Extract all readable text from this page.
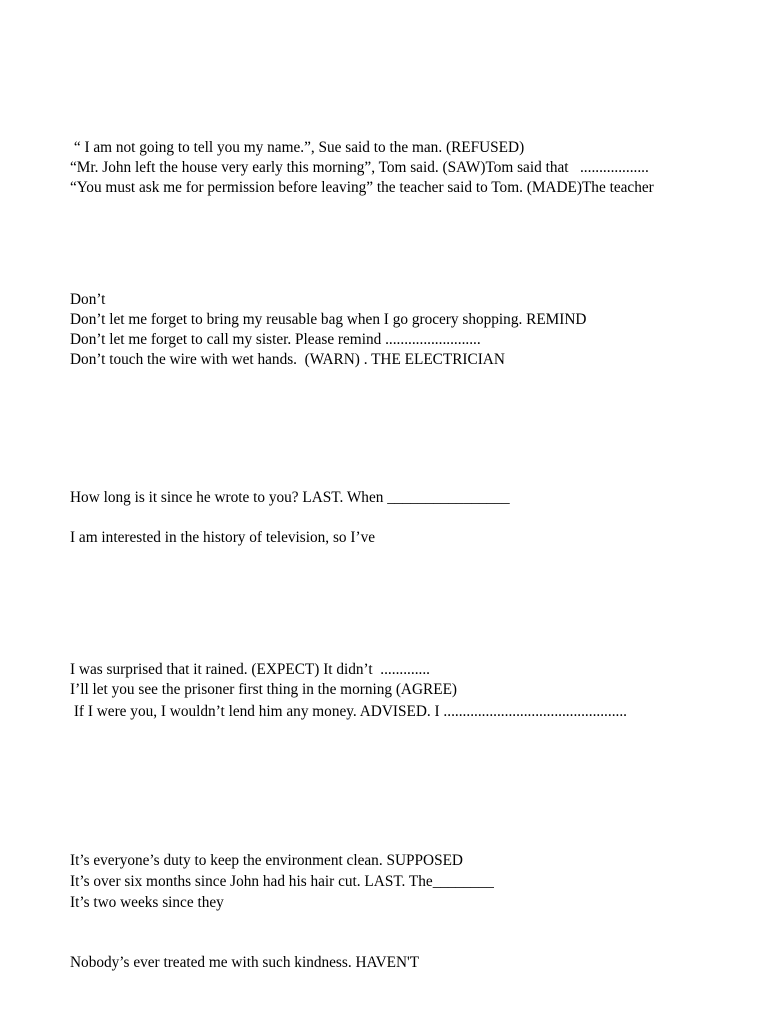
“ I am not going to tell you my name.”, Sue said to the man. (REFUSED)
“Mr. John left the house very early this morning”, Tom said. (SAW)Tom said that   ..................
“You must ask me for permission before leaving” the teacher said to Tom. (MADE)The teacher
Don’t
Don’t let me forget to bring my reusable bag when I go grocery shopping. REMIND
Don’t let me forget to call my sister. Please remind .........................
Don’t touch the wire with wet hands.  (WARN) . THE ELECTRICIAN
How long is it since he wrote to you? LAST. When ________________
I am interested in the history of television, so I’ve
I was surprised that it rained. (EXPECT) It didn’t  .............
I’ll let you see the prisoner first thing in the morning (AGREE)
If I were you, I wouldn’t lend him any money. ADVISED. I ................................................
It’s everyone’s duty to keep the environment clean. SUPPOSED
It’s over six months since John had his hair cut. LAST. The________
It’s two weeks since they
Nobody’s ever treated me with such kindness. HAVEN'T
